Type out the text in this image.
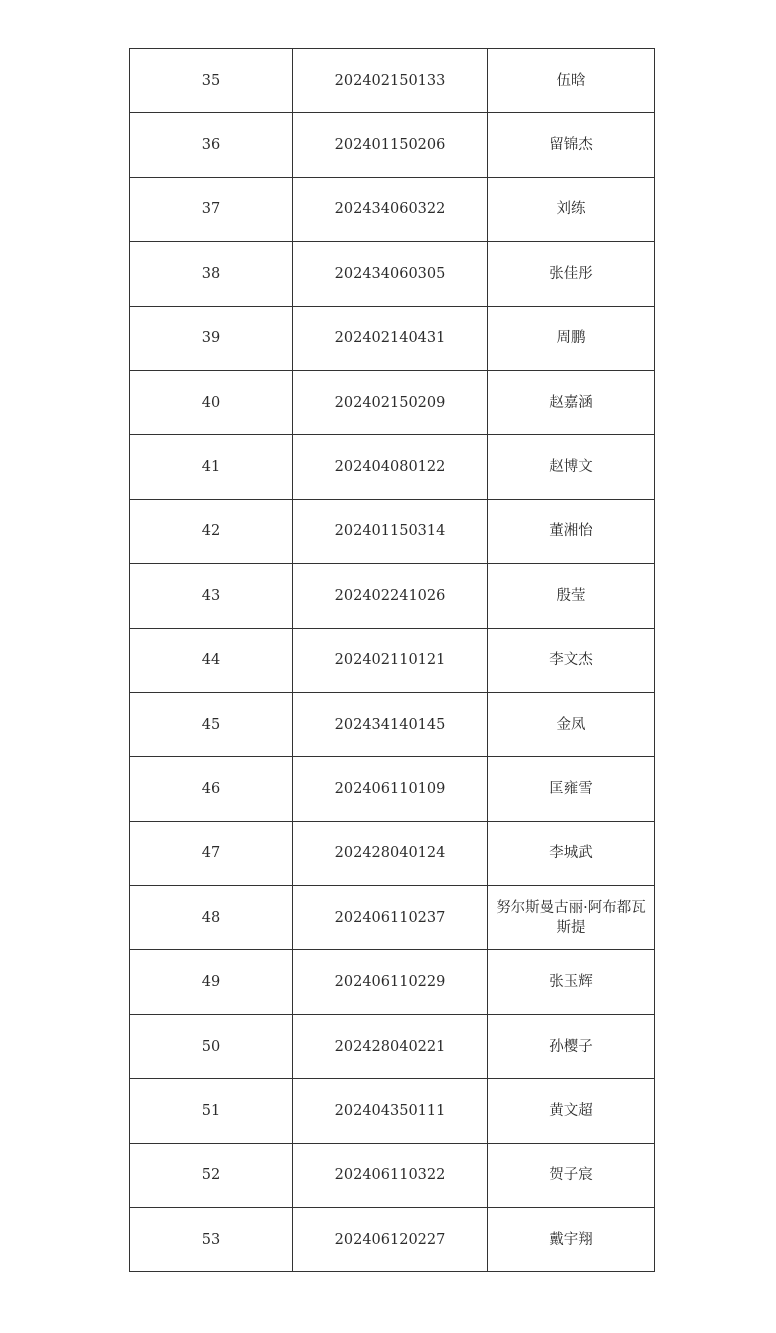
35	202402150133	伍晗
36	202401150206	留锦杰
37	202434060322	刘练
38	202434060305	张佳彤
39	202402140431	周鹏
40	202402150209	赵嘉涵
41	202404080122	赵博文
42	202401150314	董湘怡
43	202402241026	殷莹
44	202402110121	李文杰
45	202434140145	金凤
46	202406110109	匡雍雪
47	202428040124	李城武
48	202406110237	努尔斯曼古丽·阿布都瓦斯提
49	202406110229	张玉辉
50	202428040221	孙樱子
51	202404350111	黄文超
52	202406110322	贺子宸
53	202406120227	戴宇翔
